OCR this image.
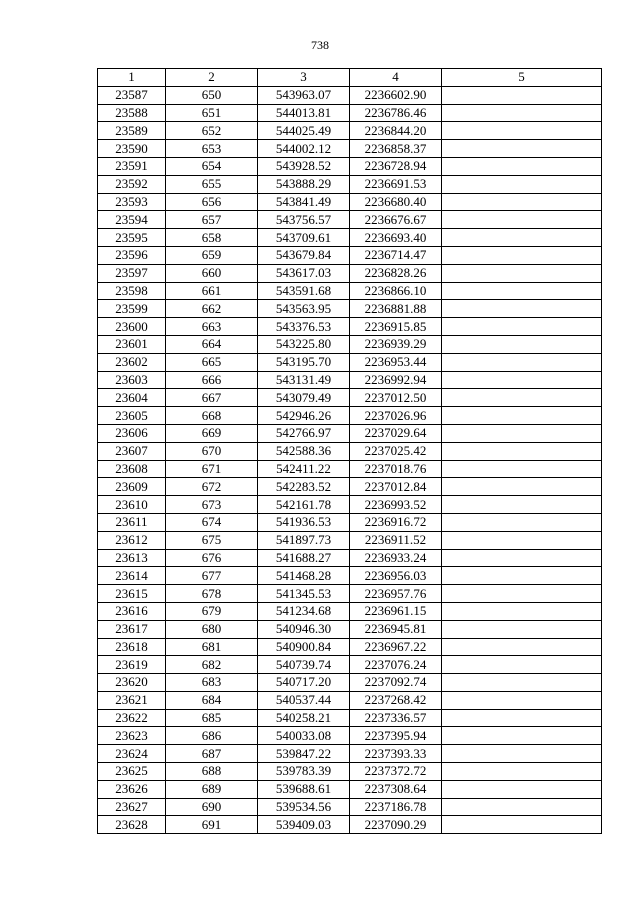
738
1	2	3	4	5
23587	650	543963.07	2236602.90	
23588	651	544013.81	2236786.46	
23589	652	544025.49	2236844.20	
23590	653	544002.12	2236858.37	
23591	654	543928.52	2236728.94	
23592	655	543888.29	2236691.53	
23593	656	543841.49	2236680.40	
23594	657	543756.57	2236676.67	
23595	658	543709.61	2236693.40	
23596	659	543679.84	2236714.47	
23597	660	543617.03	2236828.26	
23598	661	543591.68	2236866.10	
23599	662	543563.95	2236881.88	
23600	663	543376.53	2236915.85	
23601	664	543225.80	2236939.29	
23602	665	543195.70	2236953.44	
23603	666	543131.49	2236992.94	
23604	667	543079.49	2237012.50	
23605	668	542946.26	2237026.96	
23606	669	542766.97	2237029.64	
23607	670	542588.36	2237025.42	
23608	671	542411.22	2237018.76	
23609	672	542283.52	2237012.84	
23610	673	542161.78	2236993.52	
23611	674	541936.53	2236916.72	
23612	675	541897.73	2236911.52	
23613	676	541688.27	2236933.24	
23614	677	541468.28	2236956.03	
23615	678	541345.53	2236957.76	
23616	679	541234.68	2236961.15	
23617	680	540946.30	2236945.81	
23618	681	540900.84	2236967.22	
23619	682	540739.74	2237076.24	
23620	683	540717.20	2237092.74	
23621	684	540537.44	2237268.42	
23622	685	540258.21	2237336.57	
23623	686	540033.08	2237395.94	
23624	687	539847.22	2237393.33	
23625	688	539783.39	2237372.72	
23626	689	539688.61	2237308.64	
23627	690	539534.56	2237186.78	
23628	691	539409.03	2237090.29	
